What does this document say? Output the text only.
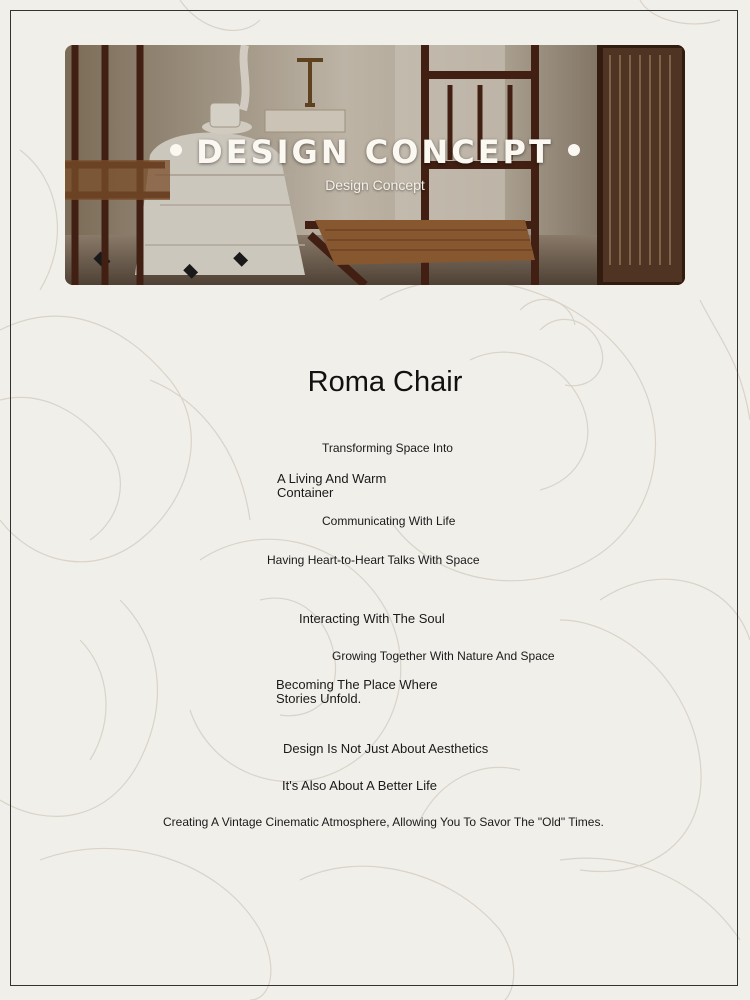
DESIGN CONCEPT
Design Concept
Roma Chair
Transforming Space Into
A Living And Warm
Container
Communicating With Life
Having Heart-to-Heart Talks With Space
Interacting With The Soul
Growing Together With Nature And Space
Becoming The Place Where
Stories Unfold.
Design Is Not Just About Aesthetics
It's Also About A Better Life
Creating A Vintage Cinematic Atmosphere, Allowing You To Savor The "Old" Times.
